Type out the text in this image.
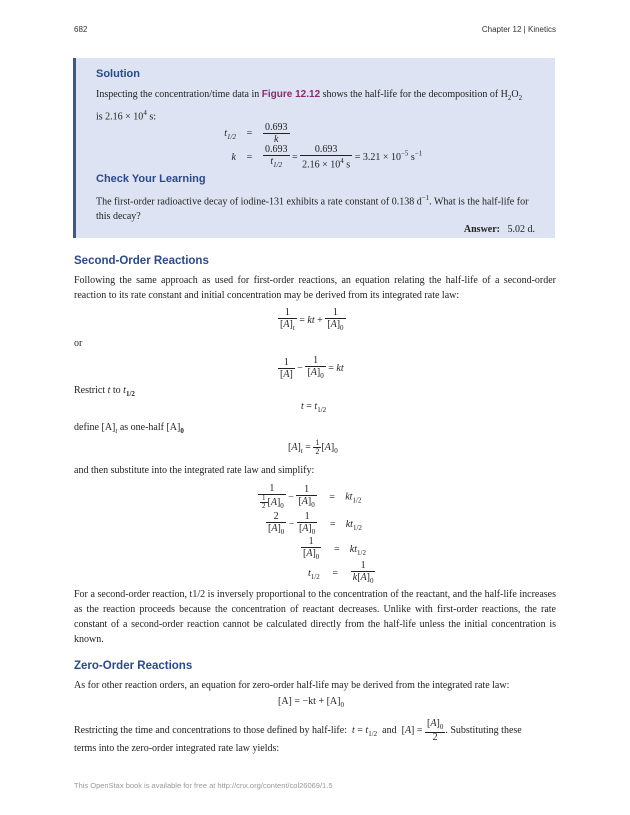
682	Chapter 12 | Kinetics
Solution
Inspecting the concentration/time data in Figure 12.12 shows the half-life for the decomposition of $H_2O_2$
is $2.16 \times 10^4$ s:
$t_{1/2} = \frac{0.693}{k}$
$k = \frac{0.693}{t_{1/2}} = \frac{0.693}{2.16 \times 10^4 s} = 3.21 \times 10^{-5}$ $s^{-1}$
Check Your Learning
The first-order radioactive decay of iodine-131 exhibits a rate constant of 0.138 $d^{-1}$. What is the half-life for this decay?
Answer: 5.02 d.
Second-Order Reactions
Following the same approach as used for first-order reactions, an equation relating the half-life of a second-order reaction to its rate constant and initial concentration may be derived from its integrated rate law:
$\frac{1}{[A]_t}$ = kt + $\frac{1}{[A]_0}$
or
$\frac{1}{[A]} - \frac{1}{[A]_0}$ = kt
Restrict t to $t_{1/2}$
$t = t_{1/2}$
define $[A]_t$ as one-half $[A]_0$
$[A]_t = \frac{1}{2} [A]_0$
and then substitute into the integrated rate law and simplify:
$\frac{1}{\frac{1}{2} [A]_0} - \frac{1}{[A]_0} = kt_{1/2}$
$\frac{2}{[A]_0} - \frac{1}{[A]_0} = kt_{1/2}$
$\frac{1}{[A]_0} = kt_{1/2}$
$t_{1/2} = \frac{1}{k[A]_0}$
For a second-order reaction, t1/2 is inversely proportional to the concentration of the reactant, and the half-life increases as the reaction proceeds because the concentration of reactant decreases. Unlike with first-order reactions, the rate constant of a second-order reaction cannot be calculated directly from the half-life unless the initial concentration is known.
Zero-Order Reactions
As for other reaction orders, an equation for zero-order half-life may be derived from the integrated rate law:
$[A] = -kt + [A]_0$
Restricting the time and concentrations to those defined by half-life: $t = t_{1/2}$ and  $[A] = \frac{[A]_0}{2}$ . Substituting these
terms into the zero-order integrated rate law yields:
This OpenStax book is available for free at http://cnx.org/content/col26069/1.5
